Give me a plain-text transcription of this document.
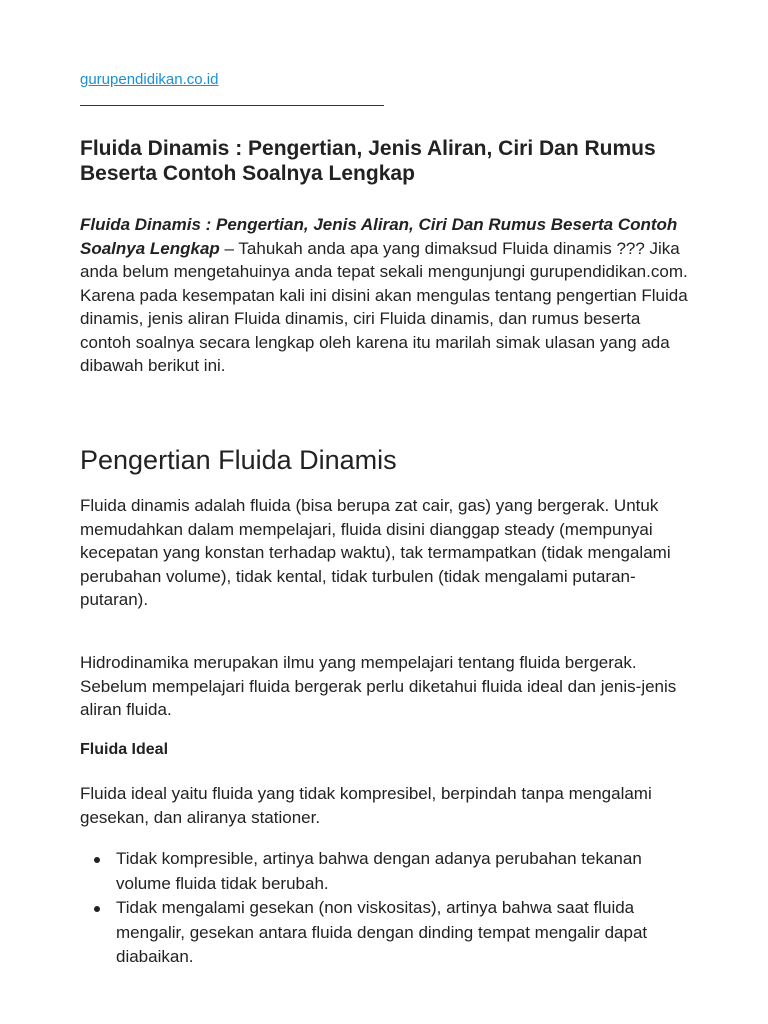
gurupendidikan.co.id
Fluida Dinamis : Pengertian, Jenis Aliran, Ciri Dan Rumus Beserta Contoh Soalnya Lengkap

Fluida Dinamis : Pengertian, Jenis Aliran, Ciri Dan Rumus Beserta Contoh Soalnya Lengkap – Tahukah anda apa yang dimaksud Fluida dinamis ??? Jika anda belum mengetahuinya anda tepat sekali mengunjungi gurupendidikan.com. Karena pada kesempatan kali ini disini akan mengulas tentang pengertian Fluida dinamis, jenis aliran Fluida dinamis, ciri Fluida dinamis, dan rumus beserta contoh soalnya secara lengkap oleh karena itu marilah simak ulasan yang ada dibawah berikut ini.

Pengertian Fluida Dinamis

Fluida dinamis adalah fluida (bisa berupa zat cair, gas) yang bergerak. Untuk memudahkan dalam mempelajari, fluida disini dianggap steady (mempunyai kecepatan yang konstan terhadap waktu), tak termampatkan (tidak mengalami perubahan volume), tidak kental, tidak turbulen (tidak mengalami putaran-putaran).

Hidrodinamika merupakan ilmu yang mempelajari tentang fluida bergerak. Sebelum mempelajari fluida bergerak perlu diketahui fluida ideal dan jenis-jenis aliran fluida.

Fluida Ideal

Fluida ideal yaitu fluida yang tidak kompresibel, berpindah tanpa mengalami gesekan, dan aliranya stationer.

Tidak kompresible, artinya bahwa dengan adanya perubahan tekanan volume fluida tidak berubah.
Tidak mengalami gesekan (non viskositas), artinya bahwa saat fluida mengalir, gesekan antara fluida dengan dinding tempat mengalir dapat diabaikan.
